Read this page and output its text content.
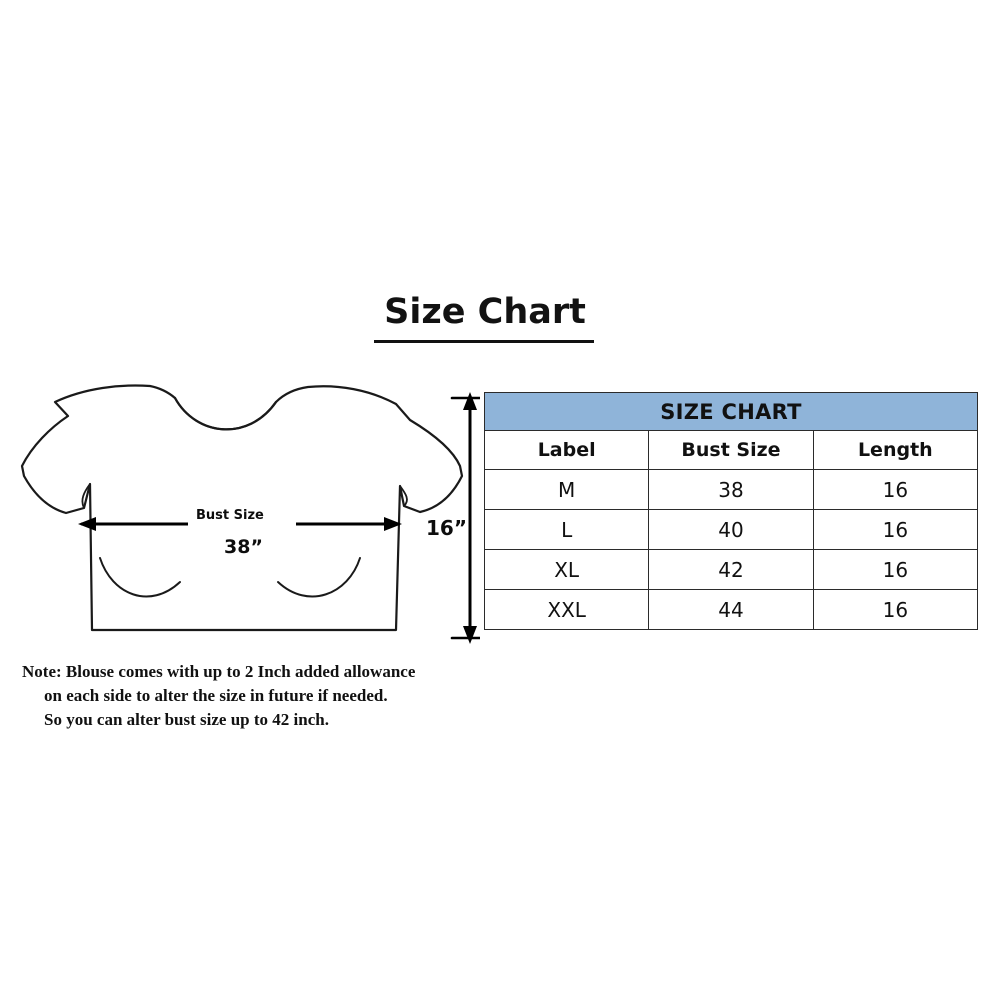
Size Chart
Bust Size
38”
16”
Note: Blouse comes with up to 2 Inch added allowance
on each side to alter the size in future if needed.
So you can alter bust size up to 42 inch.
SIZE CHART		
Label	Bust Size	Length
M	38	16
L	40	16
XL	42	16
XXL	44	16
